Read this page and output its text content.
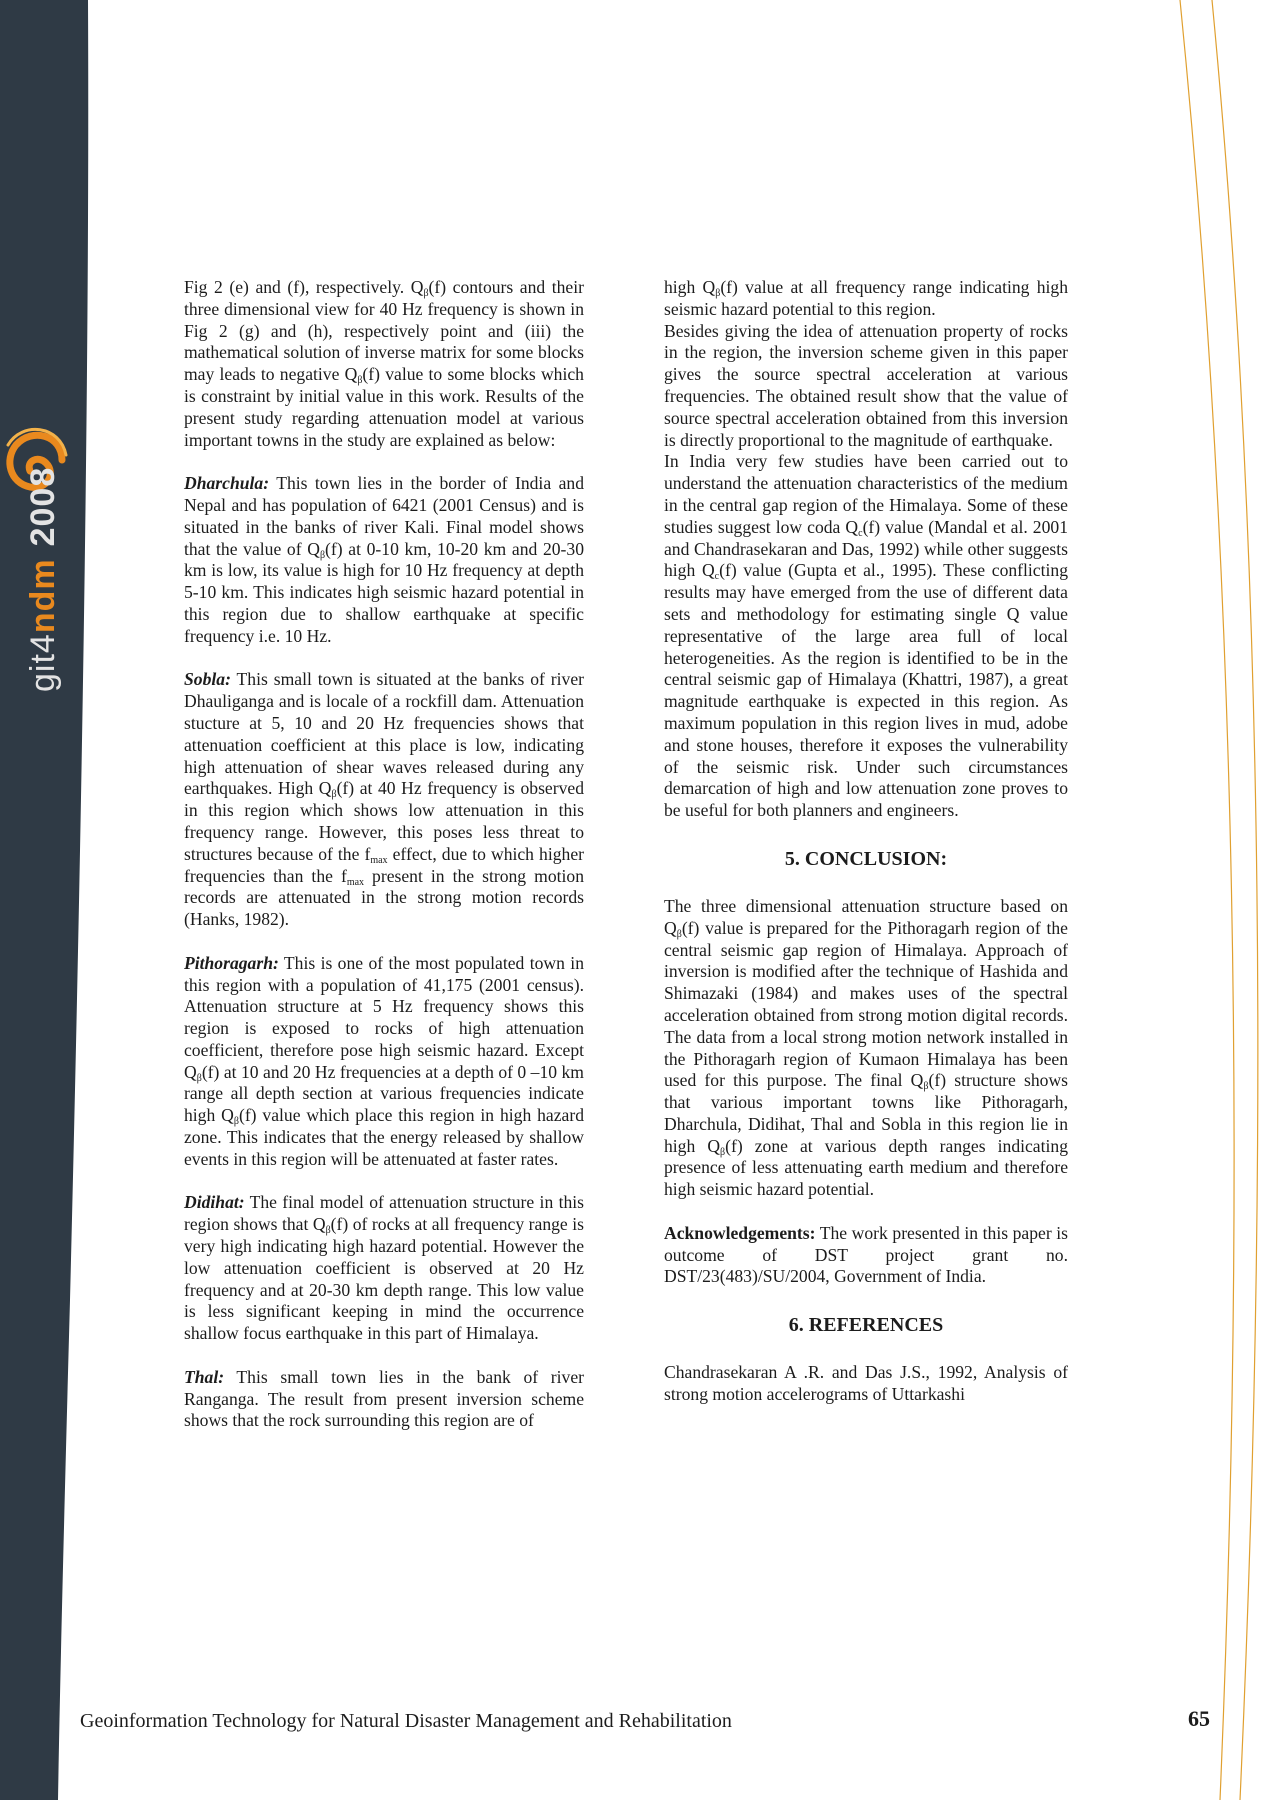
git4ndm2008

Fig 2 (e) and (f), respectively. $Q_\beta(f)$ contours and their three dimensional view for 40 Hz frequency is shown in Fig 2 (g) and (h), respectively point and (iii) the mathematical solution of inverse matrix for some blocks may leads to negative $Q_\beta(f)$ value to some blocks which is constraint by initial value in this work. Results of the present study regarding attenuation model at various important towns in the study are explained as below:

Dharchula: This town lies in the border of India and Nepal and has population of 6421 (2001 Census) and is situated in the banks of river Kali. Final model shows that the value of $Q_\beta(f)$ at 0-10 km, 10-20 km and 20-30 km is low, its value is high for 10 Hz frequency at depth 5-10 km. This indicates high seismic hazard potential in this region due to shallow earthquake at specific frequency i.e. 10 Hz.

Sobla: This small town is situated at the banks of river Dhauliganga and is locale of a rockfill dam. Attenuation stucture at 5, 10 and 20 Hz frequencies shows that attenuation coefficient at this place is low, indicating high attenuation of shear waves released during any earthquakes. High $Q_\beta(f)$ at 40 Hz frequency is observed in this region which shows low attenuation in this frequency range. However, this poses less threat to structures because of the $f_{max}$ effect, due to which higher frequencies than the $f_{max}$ present in the strong motion records are attenuated in the strong motion records (Hanks, 1982).

Pithoragarh: This is one of the most populated town in this region with a population of 41,175 (2001 census). Attenuation structure at 5 Hz frequency shows this region is exposed to rocks of high attenuation coefficient, therefore pose high seismic hazard. Except $Q_\beta(f)$ at 10 and 20 Hz frequencies at a depth of 0 –10 km range all depth section at various frequencies indicate high $Q_\beta(f)$ value which place this region in high hazard zone. This indicates that the energy released by shallow events in this region will be attenuated at faster rates.

Didihat: The final model of attenuation structure in this region shows that $Q_\beta(f)$ of rocks at all frequency range is very high indicating high hazard potential. However the low attenuation coefficient is observed at 20 Hz frequency and at 20-30 km depth range. This low value is less significant keeping in mind the occurrence shallow focus earthquake in this part of Himalaya.

Thal: This small town lies in the bank of river Ranganga. The result from present inversion scheme shows that the rock surrounding this region are of

high $Q_\beta(f)$ value at all frequency range indicating high seismic hazard potential to this region.

Besides giving the idea of attenuation property of rocks in the region, the inversion scheme given in this paper gives the source spectral acceleration at various frequencies. The obtained result show that the value of source spectral acceleration obtained from this inversion is directly proportional to the magnitude of earthquake.

In India very few studies have been carried out to understand the attenuation characteristics of the medium in the central gap region of the Himalaya. Some of these studies suggest low coda $Q_c(f)$ value (Mandal et al. 2001 and Chandrasekaran and Das, 1992) while other suggests high $Q_c(f)$ value (Gupta et al., 1995). These conflicting results may have emerged from the use of different data sets and methodology for estimating single Q value representative of the large area full of local heterogeneities. As the region is identified to be in the central seismic gap of Himalaya (Khattri, 1987), a great magnitude earthquake is expected in this region. As maximum population in this region lives in mud, adobe and stone houses, therefore it exposes the vulnerability of the seismic risk. Under such circumstances demarcation of high and low attenuation zone proves to be useful for both planners and engineers.

5. CONCLUSION:

The three dimensional attenuation structure based on $Q_\beta(f)$ value is prepared for the Pithoragarh region of the central seismic gap region of Himalaya. Approach of inversion is modified after the technique of Hashida and Shimazaki (1984) and makes uses of the spectral acceleration obtained from strong motion digital records. The data from a local strong motion network installed in the Pithoragarh region of Kumaon Himalaya has been used for this purpose. The final $Q_\beta(f)$ structure shows that various important towns like Pithoragarh, Dharchula, Didihat, Thal and Sobla in this region lie in high $Q_\beta(f)$ zone at various depth ranges indicating presence of less attenuating earth medium and therefore high seismic hazard potential.

Acknowledgements: The work presented in this paper is outcome of DST project grant no. DST/23(483)/SU/2004, Government of India.

6. REFERENCES

Chandrasekaran A .R. and Das J.S., 1992, Analysis of strong motion accelerograms of Uttarkashi

Geoinformation Technology for Natural Disaster Management and Rehabilitation	65
